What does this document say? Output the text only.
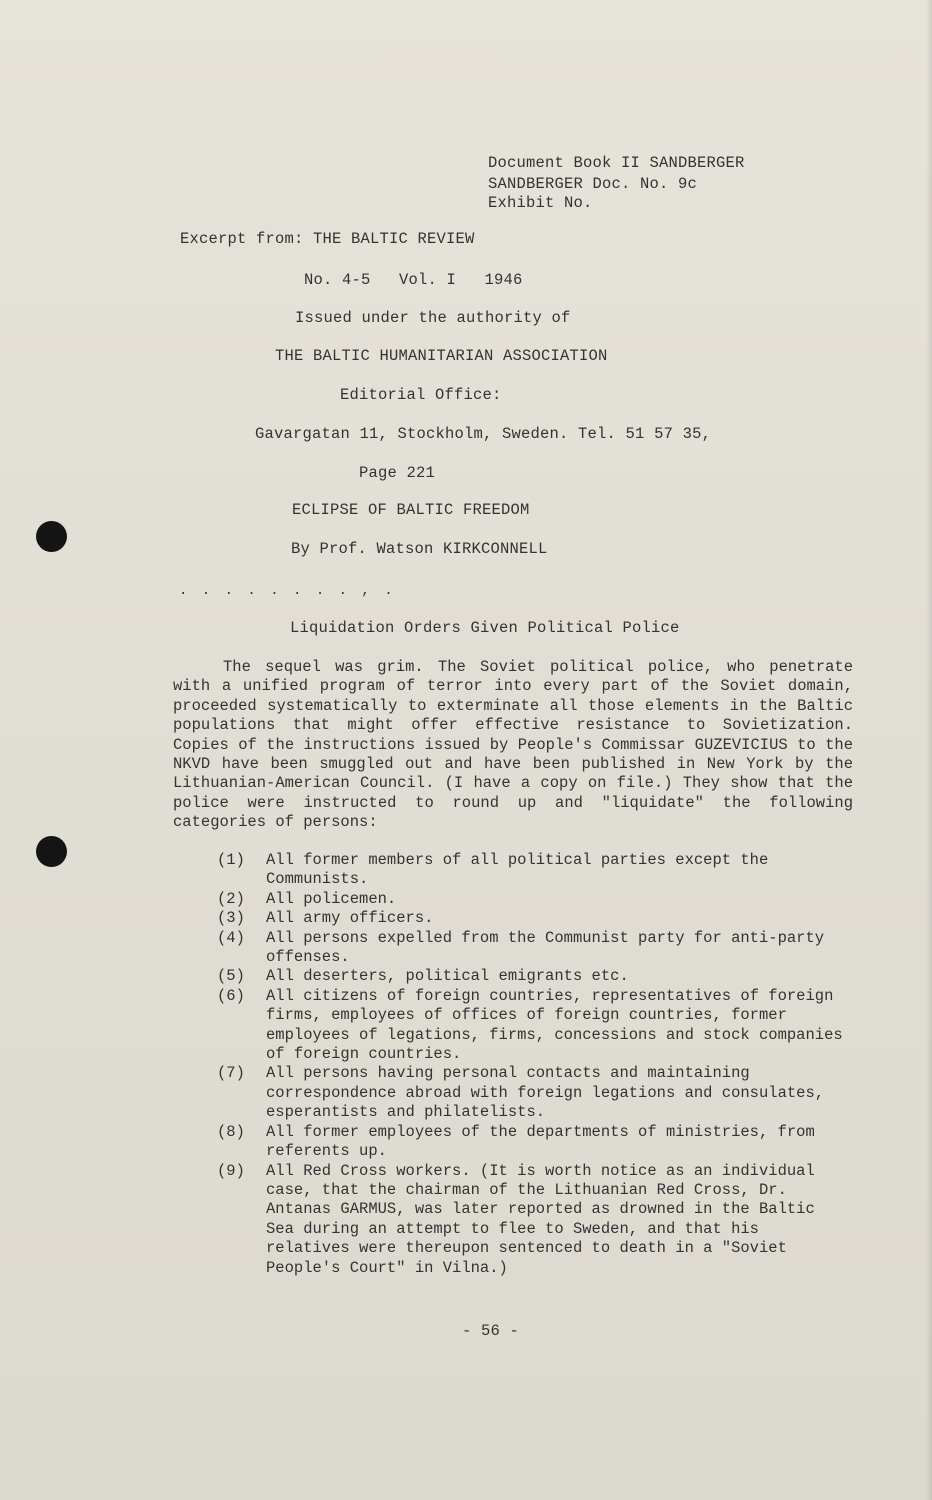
Document Book II SANDBERGER

SANDBERGER Doc. No. 9c

Exhibit No.

Excerpt from: THE BALTIC REVIEW

No. 4-5   Vol. I   1946

Issued under the authority of

THE BALTIC HUMANITARIAN ASSOCIATION

Editorial Office:

Gavargatan 11, Stockholm, Sweden. Tel. 51 57 35,

Page 221

ECLIPSE OF BALTIC FREEDOM

By Prof. Watson KIRKCONNELL

. . . . . . . . , .

Liquidation Orders Given Political Police

The sequel was grim. The Soviet political police, who penetrate with a unified program of terror into every part of the Soviet domain, proceeded systematically to exterminate all those elements in the Baltic populations that might offer effective resistance to Sovietization. Copies of the instructions issued by People's Commissar GUZEVICIUS to the NKVD have been smuggled out and have been published in New York by the Lithuanian-American Council. (I have a copy on file.) They show that the police were instructed to round up and "liquidate" the following categories of persons:

(1)	All former members of all political parties except the Communists.
(2)	All policemen.
(3)	All army officers.
(4)	All persons expelled from the Communist party for anti-party offenses.
(5)	All deserters, political emigrants etc.
(6)	All citizens of foreign countries, representatives of foreign firms, employees of offices of foreign countries, former employees of legations, firms, concessions and stock companies of foreign countries.
(7)	All persons having personal contacts and maintaining correspondence abroad with foreign legations and consulates, esperantists and philatelists.
(8)	All former employees of the departments of ministries, from referents up.
(9)	All Red Cross workers. (It is worth notice as an individual case, that the chairman of the Lithuanian Red Cross, Dr. Antanas GARMUS, was later reported as drowned in the Baltic Sea during an attempt to flee to Sweden, and that his relatives were thereupon sentenced to death in a "Soviet People's Court" in Vilna.)

- 56 -
